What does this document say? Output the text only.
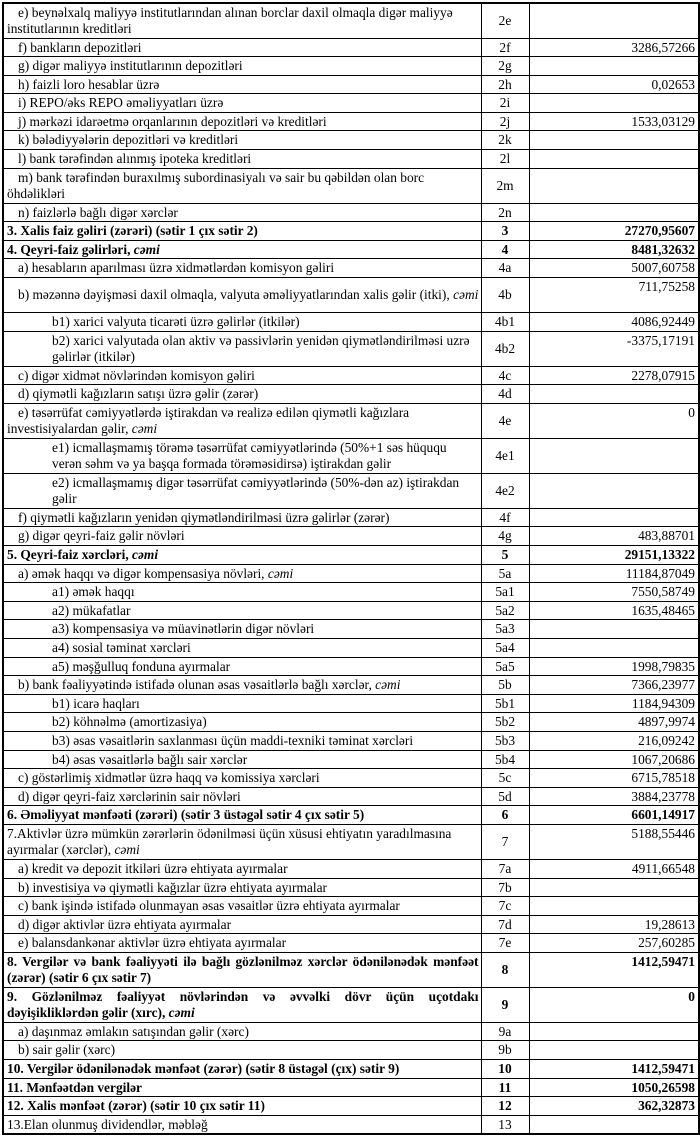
e) beynəlxalq maliyyə institutlarından alınan borclar daxil olmaqla digər maliyyə institutlarının kreditləri	2e	
f) bankların depozitləri	2f	3286,57266
g) digər maliyyə institutlarının depozitləri	2g	
h) faizli loro hesablar üzrə	2h	0,02653
i) REPO/əks REPO əməliyyatları üzrə	2i	
j) mərkəzi idarəetmə orqanlarının depozitləri və kreditləri	2j	1533,03129
k) bələdiyyələrin depozitləri və kreditləri	2k	
l) bank tərəfindən alınmış ipoteka kreditləri	2l	
m) bank tərəfindən buraxılmış subordinasiyalı və sair bu qəbildən olan borc öhdəlikləri	2m	
n) faizlərlə bağlı digər xərclər	2n	
3. Xalis faiz gəliri (zərəri) (sətir 1 çıx sətir 2)	3	27270,95607
4. Qeyri-faiz gəlirləri, cəmi	4	8481,32632
a) hesabların aparılması üzrə xidmətlərdən komisyon gəliri	4a	5007,60758
b) məzənnə dəyişməsi daxil olmaqla, valyuta əməliyyatlarından xalis gəlir (itki), cəmi	4b	711,75258
b1) xarici valyuta ticarəti üzrə gəlirlər (itkilər)	4b1	4086,92449
b2) xarici valyutada olan aktiv və passivlərin yenidən qiymətləndirilməsi uzrə gəlirlər (itkilər)	4b2	-3375,17191
c) digər xidmət növlərindən komisyon gəliri	4c	2278,07915
d) qiymətli kağızların satışı üzrə gəlir (zərər)	4d	
e) təsərrüfat cəmiyyətlərdə iştirakdan və realizə edilən qiymətli kağızlara investisiyalardan gəlir, cəmi	4e	0
e1) icmallaşmamış törəmə təsərrüfat cəmiyyətlərində (50%+1 səs hüququ verən səhm və ya başqa formada törəməsidirsə) iştirakdan gəlir	4e1	
e2) icmallaşmamış digər təsərrüfat cəmiyyətlərində (50%-dən az) iştirakdan gəlir	4e2	
f) qiymətli kağızların yenidən qiymətləndirilməsi üzrə gəlirlər (zərər)	4f	
g) digər qeyri-faiz gəlir növləri	4g	483,88701
5. Qeyri-faiz xərcləri, cəmi	5	29151,13322
a) əmək haqqı və digər kompensasiya növləri, cəmi	5a	11184,87049
a1) əmək haqqı	5a1	7550,58749
a2) mükafatlar	5a2	1635,48465
a3) kompensasiya və müavinətlərin digər növləri	5a3	
a4) sosial təminat xərcləri	5a4	
a5) məşğulluq fonduna ayırmalar	5a5	1998,79835
b) bank fəaliyyətində istifadə olunan əsas vəsaitlərlə bağlı xərclər, cəmi	5b	7366,23977
b1) icarə haqları	5b1	1184,94309
b2) köhnəlmə (amortizasiya)	5b2	4897,9974
b3) əsas vəsaitlərin saxlanması üçün maddi-texniki təminat xərcləri	5b3	216,09242
b4) əsas vəsaitlərlə bağlı sair xərclər	5b4	1067,20686
c) göstərlimiş xidmətlər üzrə haqq və komissiya xərcləri	5c	6715,78518
d) digər qeyri-faiz xərclərinin sair növləri	5d	3884,23778
6. Əməliyyat mənfəəti (zərəri) (sətir 3 üstəgəl sətir 4 çıx sətir 5)	6	6601,14917
7.Aktivlər üzrə mümkün zərərlərin ödənilməsi üçün xüsusi ehtiyatın yaradılmasına ayırmalar (xərclər), cəmi	7	5188,55446
a) kredit və depozit itkiləri üzrə ehtiyata ayırmalar	7a	4911,66548
b) investisiya və qiymətli kağızlar üzrə ehtiyata ayırmalar	7b	
c) bank işində istifadə olunmayan əsas vəsaitlər üzrə ehtiyata ayırmalar	7c	
d) digər aktivlər üzrə ehtiyata ayırmalar	7d	19,28613
e) balansdankənar aktivlər üzrə ehtiyata ayırmalar	7e	257,60285
8. Vergilər və bank fəaliyyəti ilə bağlı gözlənilməz xərclər ödənilənədək mənfəət (zərər) (sətir 6 çıx sətir 7)	8	1412,59471
9. Gözlənilməz fəaliyyət növlərindən və əvvəlki dövr üçün uçotdakı dəyişikliklərdən gəlir (xırc), cəmi	9	0
a) daşınmaz əmlakın satışından gəlir (xərc)	9a	
b) sair gəlir (xərc)	9b	
10. Vergilər ödənilənədək mənfəət (zərər) (sətir 8 üstəgəl (çıx) sətir 9)	10	1412,59471
11. Mənfəətdən vergilər	11	1050,26598
12. Xalis mənfəət (zərər) (sətir 10 çıx sətir 11)	12	362,32873
13.Elan olunmuş dividendlər, məbləğ	13	
